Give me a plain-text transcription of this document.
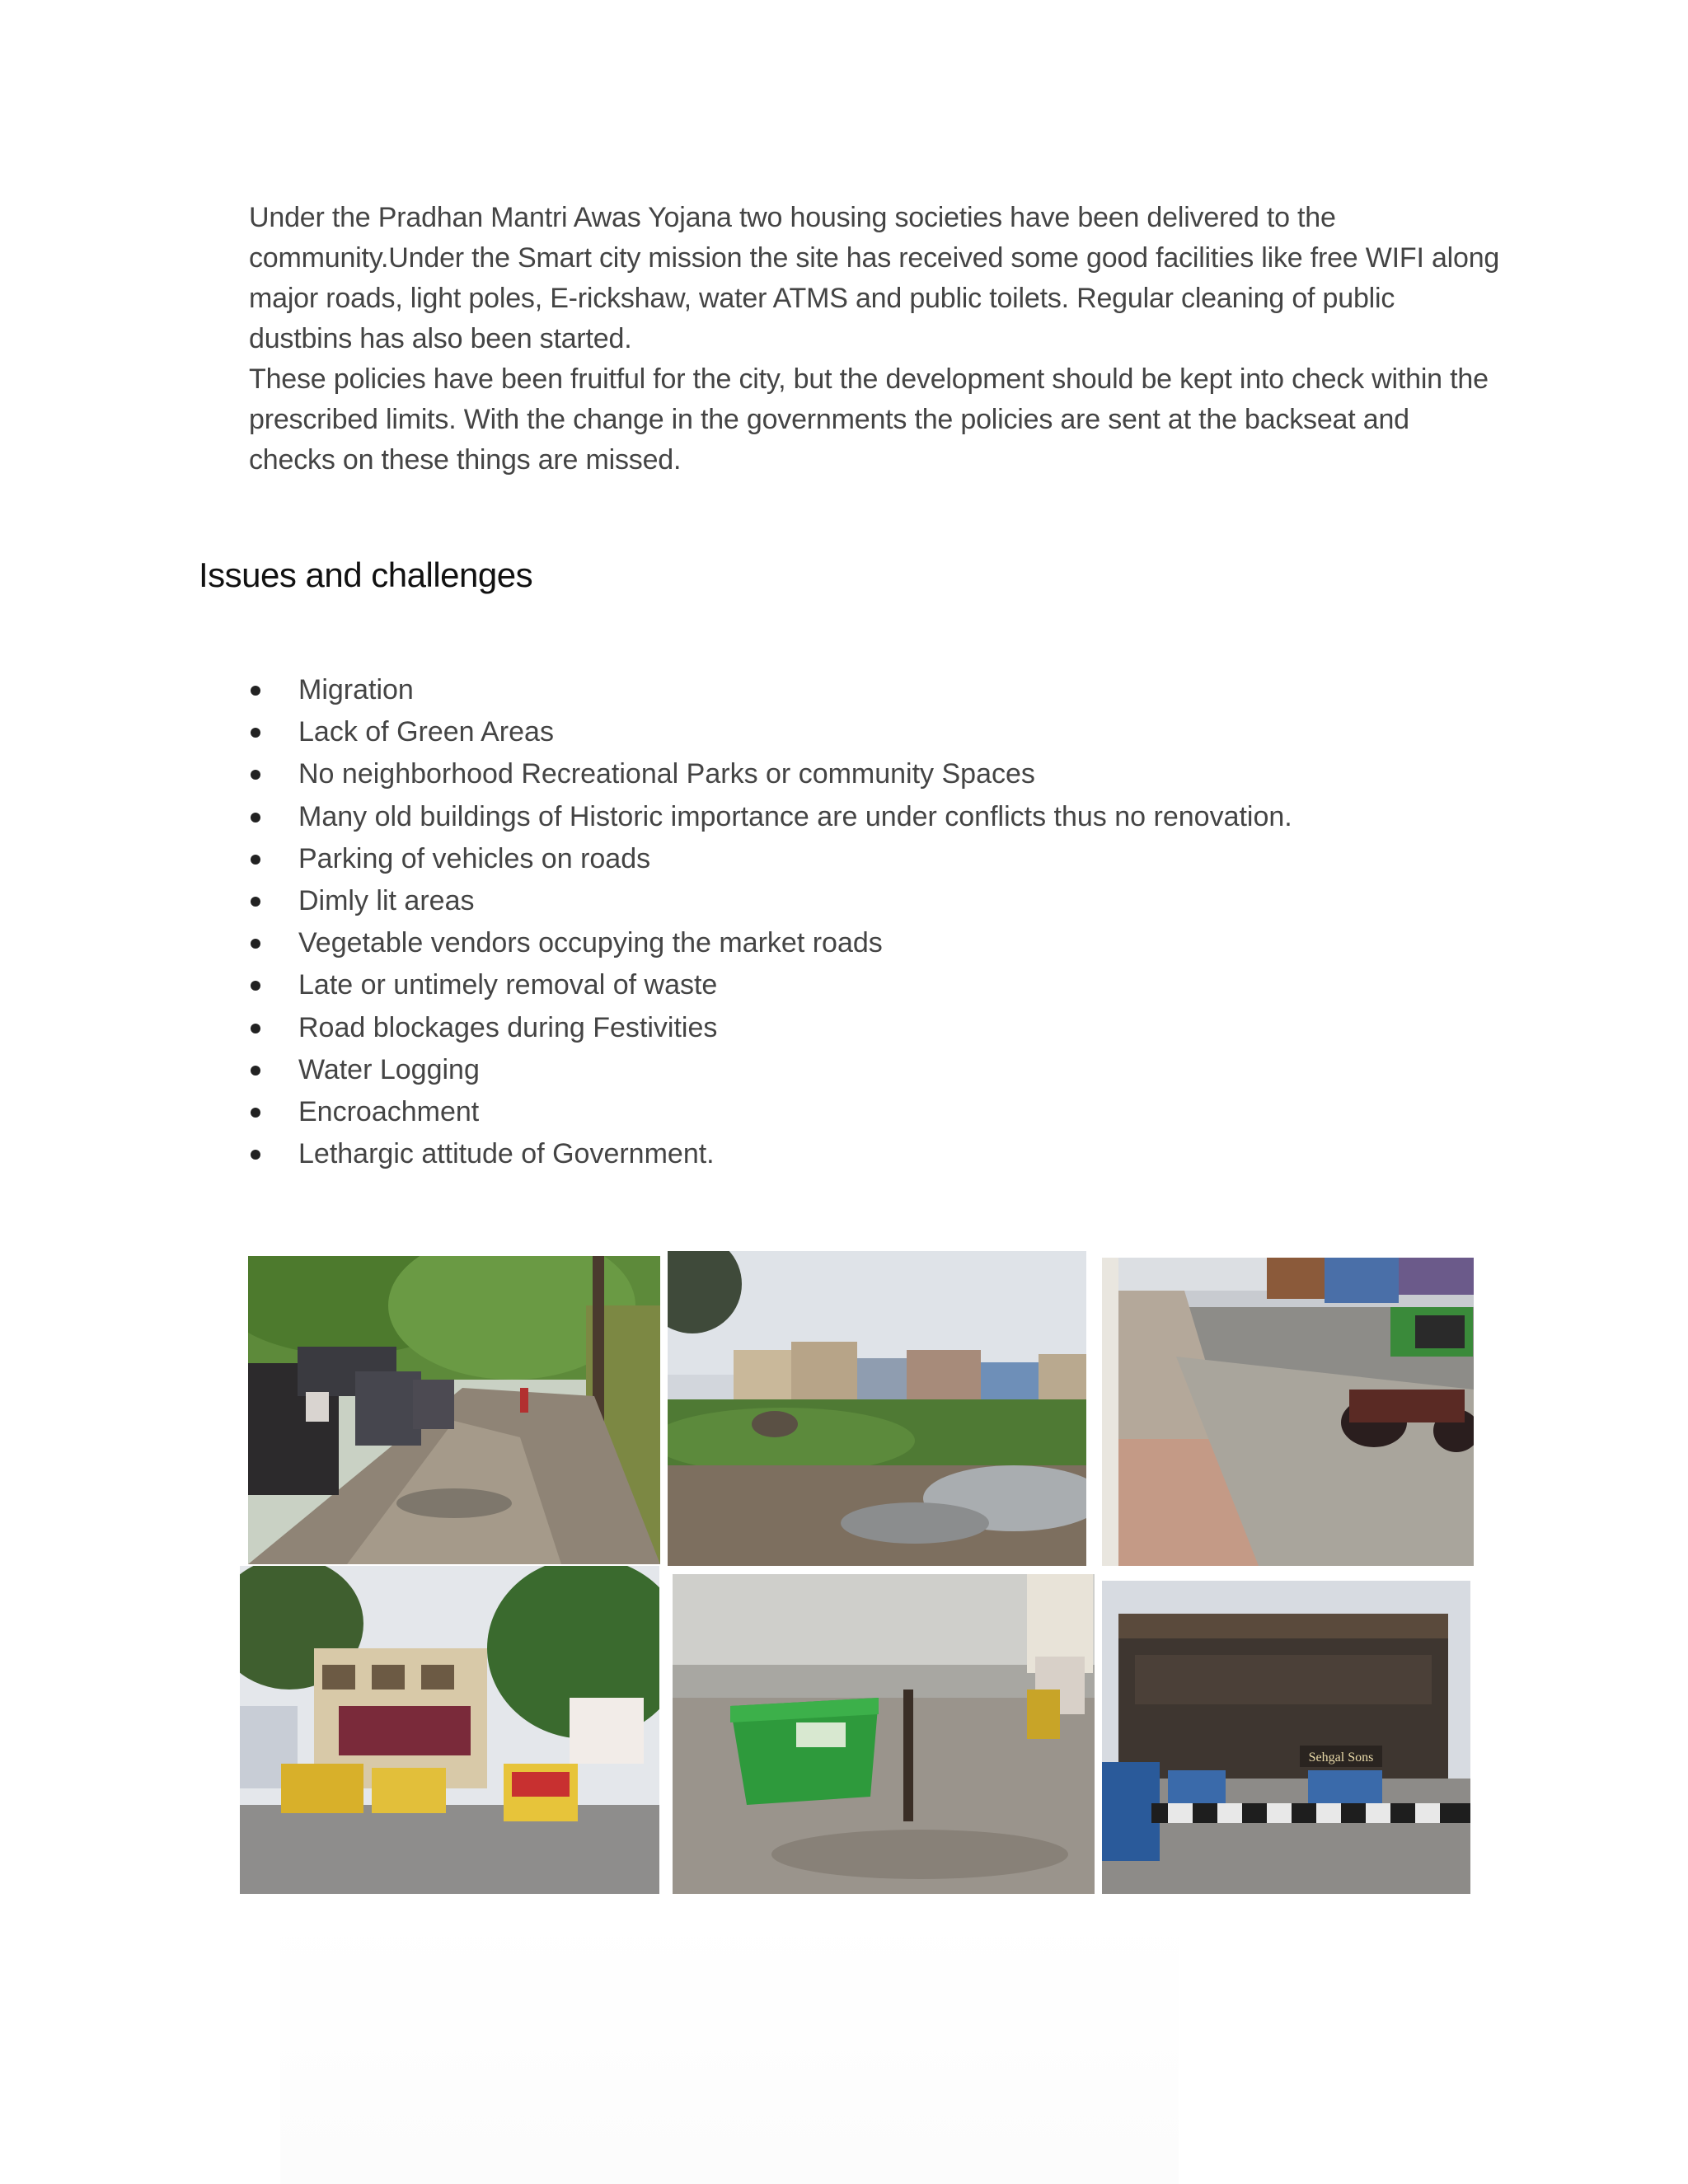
Under the Pradhan Mantri Awas Yojana two housing societies have been delivered to the community.Under the Smart city mission the site has received some good facilities like free WIFI along major roads, light poles, E-rickshaw, water ATMS and public toilets. Regular cleaning of public dustbins has also been started.

These policies have been fruitful for the city, but the development should be kept into check within the prescribed limits. With the change in the governments the policies are sent at the backseat and checks on these things are missed.

Issues and challenges
Migration
Lack of Green Areas
No neighborhood Recreational Parks or community Spaces
Many old buildings of Historic importance are under conflicts thus no renovation.
Parking of vehicles on roads
Dimly lit areas
Vegetable vendors occupying the market roads
Late or untimely removal of waste
Road blockages during Festivities
Water Logging
Encroachment
Lethargic attitude of Government.
Sehgal Sons
